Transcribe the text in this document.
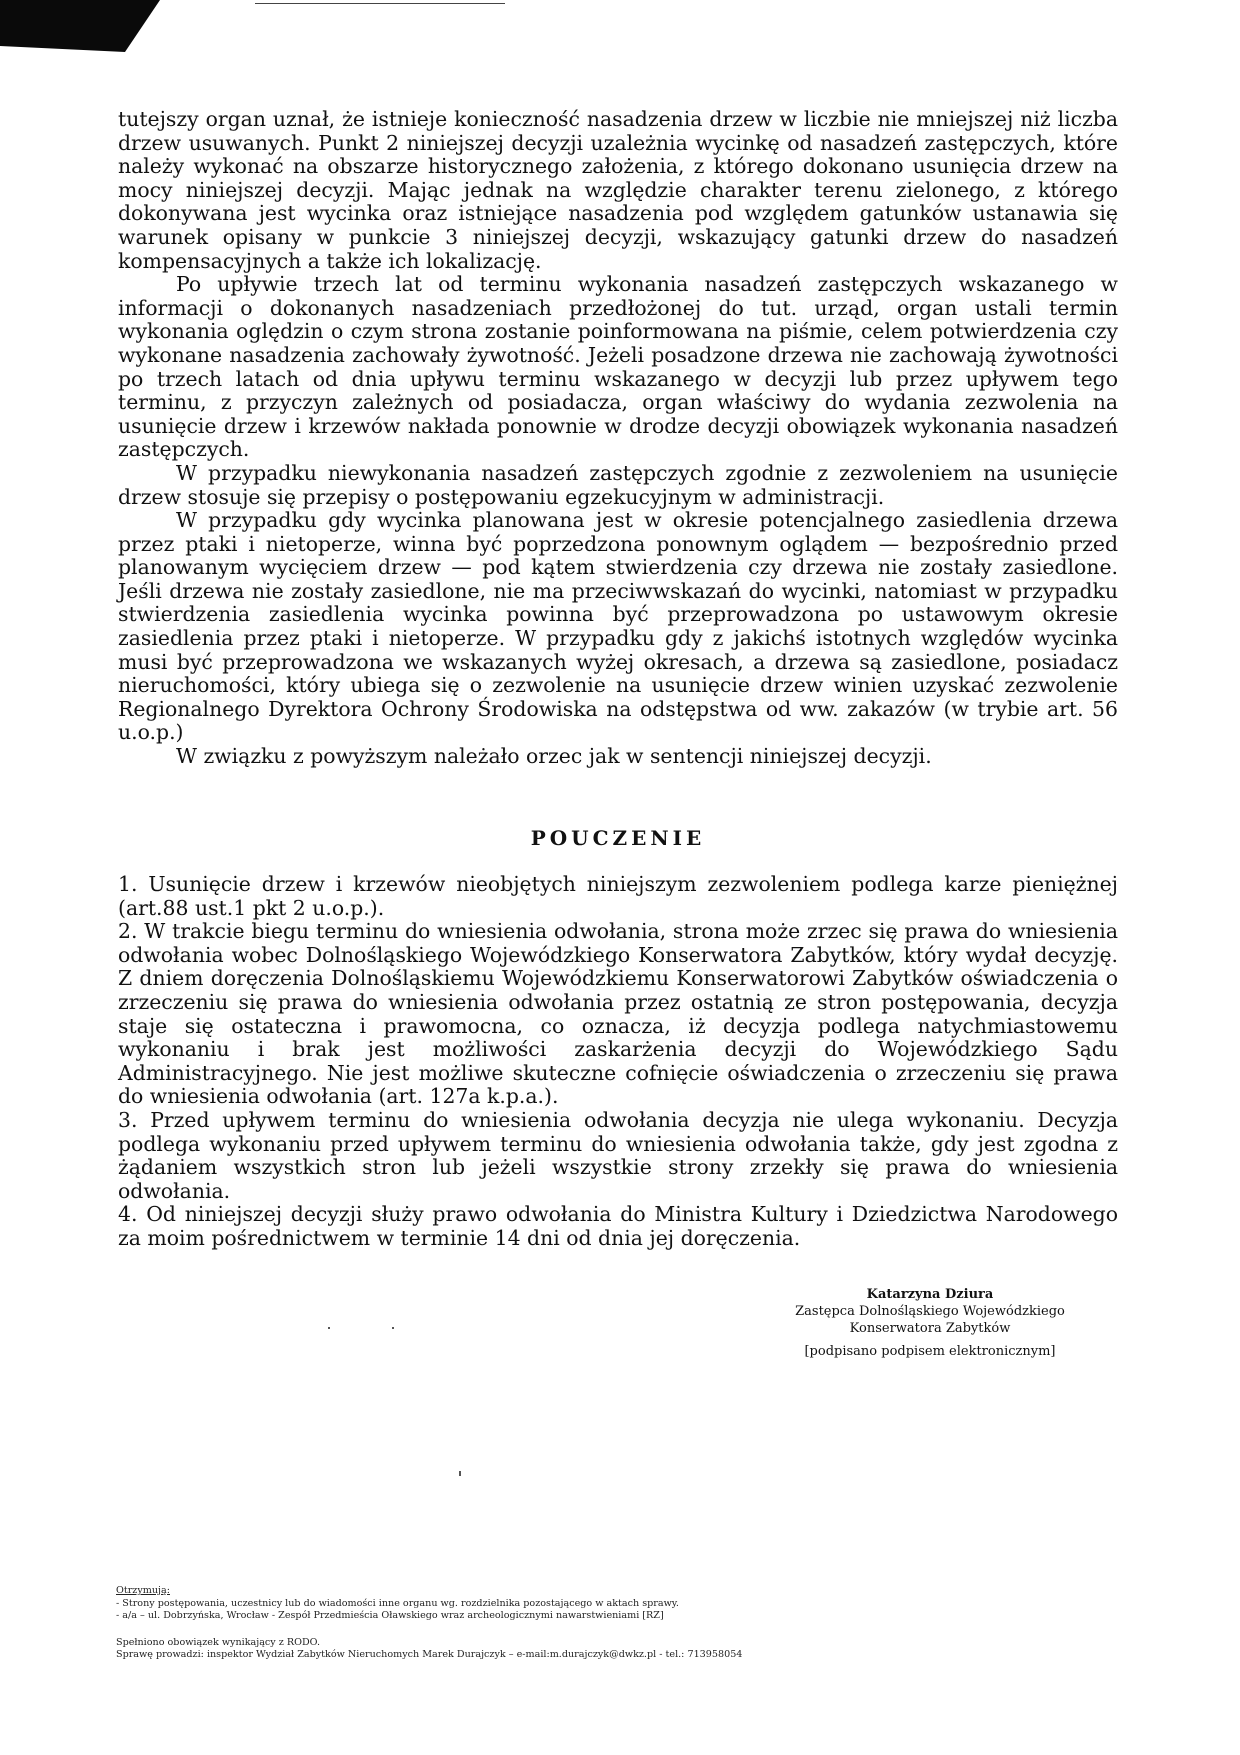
tutejszy organ uznał, że istnieje konieczność nasadzenia drzew w liczbie nie mniejszej niż liczba drzew usuwanych. Punkt 2 niniejszej decyzji uzależnia wycinkę od nasadzeń zastępczych, które należy wykonać na obszarze historycznego założenia, z którego dokonano usunięcia drzew na mocy niniejszej decyzji. Mając jednak na względzie charakter terenu zielonego, z którego dokonywana jest wycinka oraz istniejące nasadzenia pod względem gatunków ustanawia się warunek opisany w punkcie 3 niniejszej decyzji, wskazujący gatunki drzew do nasadzeń kompensacyjnych a także ich lokalizację.

Po upływie trzech lat od terminu wykonania nasadzeń zastępczych wskazanego w informacji o dokonanych nasadzeniach przedłożonej do tut. urząd, organ ustali termin wykonania oględzin o czym strona zostanie poinformowana na piśmie, celem potwierdzenia czy wykonane nasadzenia zachowały żywotność. Jeżeli posadzone drzewa nie zachowają żywotności po trzech latach od dnia upływu terminu wskazanego w decyzji lub przez upływem tego terminu, z przyczyn zależnych od posiadacza, organ właściwy do wydania zezwolenia na usunięcie drzew i krzewów nakłada ponownie w drodze decyzji obowiązek wykonania nasadzeń zastępczych.

W przypadku niewykonania nasadzeń zastępczych zgodnie z zezwoleniem na usunięcie drzew stosuje się przepisy o postępowaniu egzekucyjnym w administracji.

W przypadku gdy wycinka planowana jest w okresie potencjalnego zasiedlenia drzewa przez ptaki i nietoperze, winna być poprzedzona ponownym oglądem — bezpośrednio przed planowanym wycięciem drzew — pod kątem stwierdzenia czy drzewa nie zostały zasiedlone. Jeśli drzewa nie zostały zasiedlone, nie ma przeciwwskazań do wycinki, natomiast w przypadku stwierdzenia zasiedlenia wycinka powinna być przeprowadzona po ustawowym okresie zasiedlenia przez ptaki i nietoperze. W przypadku gdy z jakichś istotnych względów wycinka musi być przeprowadzona we wskazanych wyżej okresach, a drzewa są zasiedlone, posiadacz nieruchomości, który ubiega się o zezwolenie na usunięcie drzew winien uzyskać zezwolenie Regionalnego Dyrektora Ochrony Środowiska na odstępstwa od ww. zakazów (w trybie art. 56 u.o.p.)

W związku z powyższym należało orzec jak w sentencji niniejszej decyzji.

POUCZENIE

1. Usunięcie drzew i krzewów nieobjętych niniejszym zezwoleniem podlega karze pieniężnej (art.88 ust.1 pkt 2 u.o.p.).

2. W trakcie biegu terminu do wniesienia odwołania, strona może zrzec się prawa do wniesienia odwołania wobec Dolnośląskiego Wojewódzkiego Konserwatora Zabytków, który wydał decyzję. Z dniem doręczenia Dolnośląskiemu Wojewódzkiemu Konserwatorowi Zabytków oświadczenia o zrzeczeniu się prawa do wniesienia odwołania przez ostatnią ze stron postępowania, decyzja staje się ostateczna i prawomocna, co oznacza, iż decyzja podlega natychmiastowemu wykonaniu i brak jest możliwości zaskarżenia decyzji do Wojewódzkiego Sądu Administracyjnego. Nie jest możliwe skuteczne cofnięcie oświadczenia o zrzeczeniu się prawa do wniesienia odwołania (art. 127a k.p.a.).

3. Przed upływem terminu do wniesienia odwołania decyzja nie ulega wykonaniu. Decyzja podlega wykonaniu przed upływem terminu do wniesienia odwołania także, gdy jest zgodna z żądaniem wszystkich stron lub jeżeli wszystkie strony zrzekły się prawa do wniesienia odwołania.

4. Od niniejszej decyzji służy prawo odwołania do Ministra Kultury i Dziedzictwa Narodowego za moim pośrednictwem w terminie 14 dni od dnia jej doręczenia.

Katarzyna Dziura
Zastępca Dolnośląskiego Wojewódzkiego
Konserwatora Zabytków
[podpisano podpisem elektronicznym]
Otrzymują:
- Strony postępowania, uczestnicy lub do wiadomości inne organu wg. rozdzielnika pozostającego w aktach sprawy.
- a/a – ul. Dobrzyńska, Wrocław - Zespół Przedmieścia Oławskiego wraz archeologicznymi nawarstwieniami [RZ]
Spełniono obowiązek wynikający z RODO.
Sprawę prowadzi: inspektor Wydział Zabytków Nieruchomych Marek Durajczyk – e-mail:m.durajczyk@dwkz.pl - tel.: 713958054
